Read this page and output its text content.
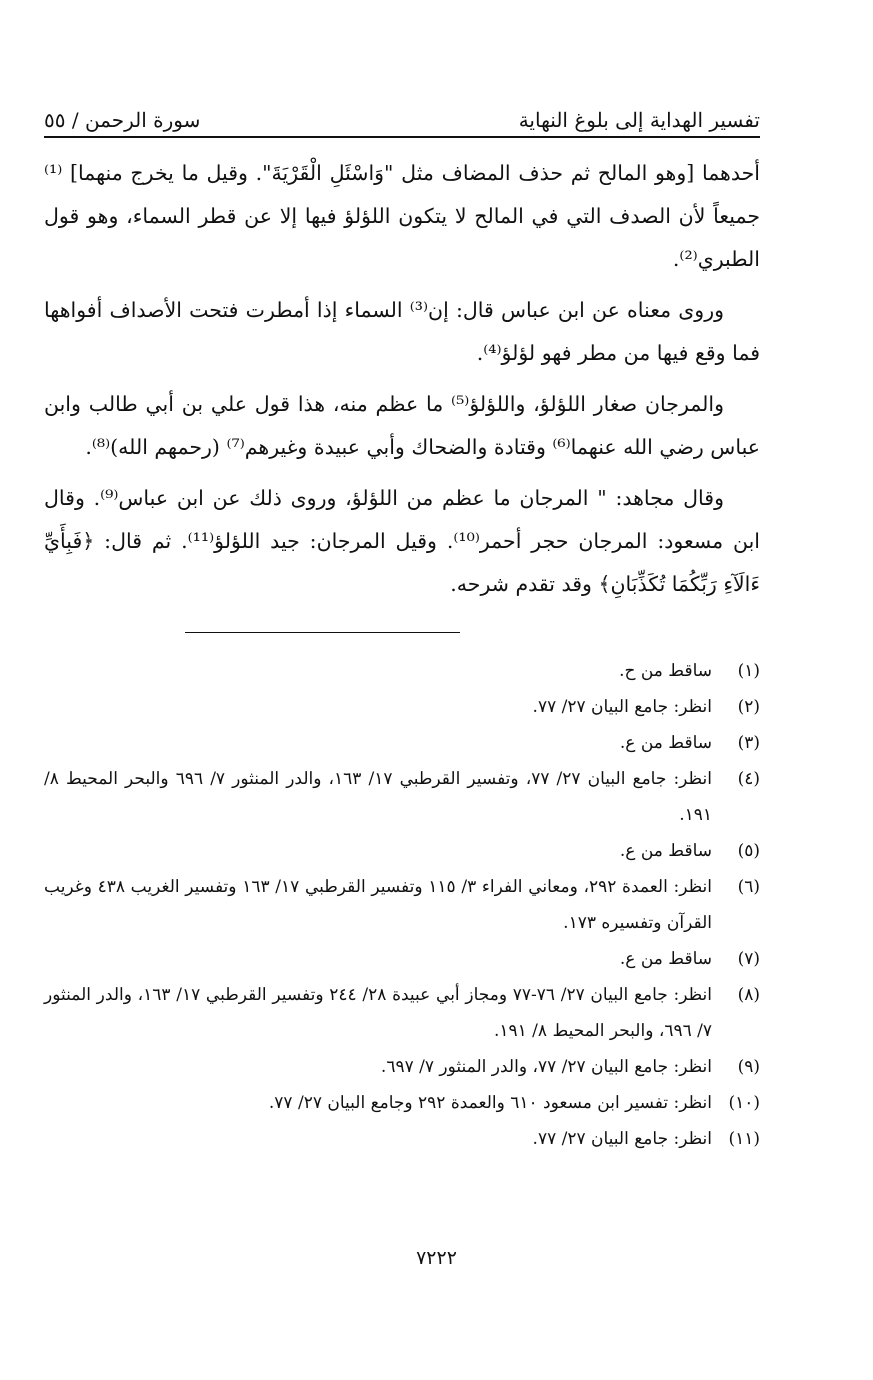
تفسير الهداية إلى بلوغ النهاية
سورة الرحمن / ٥٥

أحدهما [وهو المالح ثم حذف المضاف مثل "وَاسْئَلِ الْقَرْيَةَ". وقيل ما يخرج منهما] ⁽¹⁾ جميعاً لأن الصدف التي في المالح لا يتكون اللؤلؤ فيها إلا عن قطر السماء، وهو قول الطبري⁽²⁾.

وروى معناه عن ابن عباس قال: إن⁽³⁾ السماء إذا أمطرت فتحت الأصداف أفواهها فما وقع فيها من مطر فهو لؤلؤ⁽⁴⁾.

والمرجان صغار اللؤلؤ، واللؤلؤ⁽⁵⁾ ما عظم منه، هذا قول علي بن أبي طالب وابن عباس رضي الله عنهما⁽⁶⁾ وقتادة والضحاك وأبي عبيدة وغيرهم⁽⁷⁾ (رحمهم الله)⁽⁸⁾.

وقال مجاهد: " المرجان ما عظم من اللؤلؤ، وروى ذلك عن ابن عباس⁽⁹⁾. وقال ابن مسعود: المرجان حجر أحمر⁽¹⁰⁾. وقيل المرجان: جيد اللؤلؤ⁽¹¹⁾. ثم قال: ﴿فَبِأَيِّ ءَالَآءِ رَبِّكُمَا تُكَذِّبَانِ﴾ وقد تقدم شرحه.

(١)
ساقط من ح.
(٢)
انظر: جامع البيان ٢٧/ ٧٧.
(٣)
ساقط من ع.
(٤)
انظر: جامع البيان ٢٧/ ٧٧، وتفسير القرطبي ١٧/ ١٦٣، والدر المنثور ٧/ ٦٩٦ والبحر المحيط ٨/ ١٩١.
(٥)
ساقط من ع.
(٦)
انظر: العمدة ٢٩٢، ومعاني الفراء ٣/ ١١٥ وتفسير القرطبي ١٧/ ١٦٣ وتفسير الغريب ٤٣٨ وغريب القرآن وتفسيره ١٧٣.
(٧)
ساقط من ع.
(٨)
انظر: جامع البيان ٢٧/ ٧٦-٧٧ ومجاز أبي عبيدة ٢٨/ ٢٤٤ وتفسير القرطبي ١٧/ ١٦٣، والدر المنثور ٧/ ٦٩٦، والبحر المحيط ٨/ ١٩١.
(٩)
انظر: جامع البيان ٢٧/ ٧٧، والدر المنثور ٧/ ٦٩٧.
(١٠)
انظر: تفسير ابن مسعود ٦١٠ والعمدة ٢٩٢ وجامع البيان ٢٧/ ٧٧.
(١١)
انظر: جامع البيان ٢٧/ ٧٧.
٧٢٢٢
